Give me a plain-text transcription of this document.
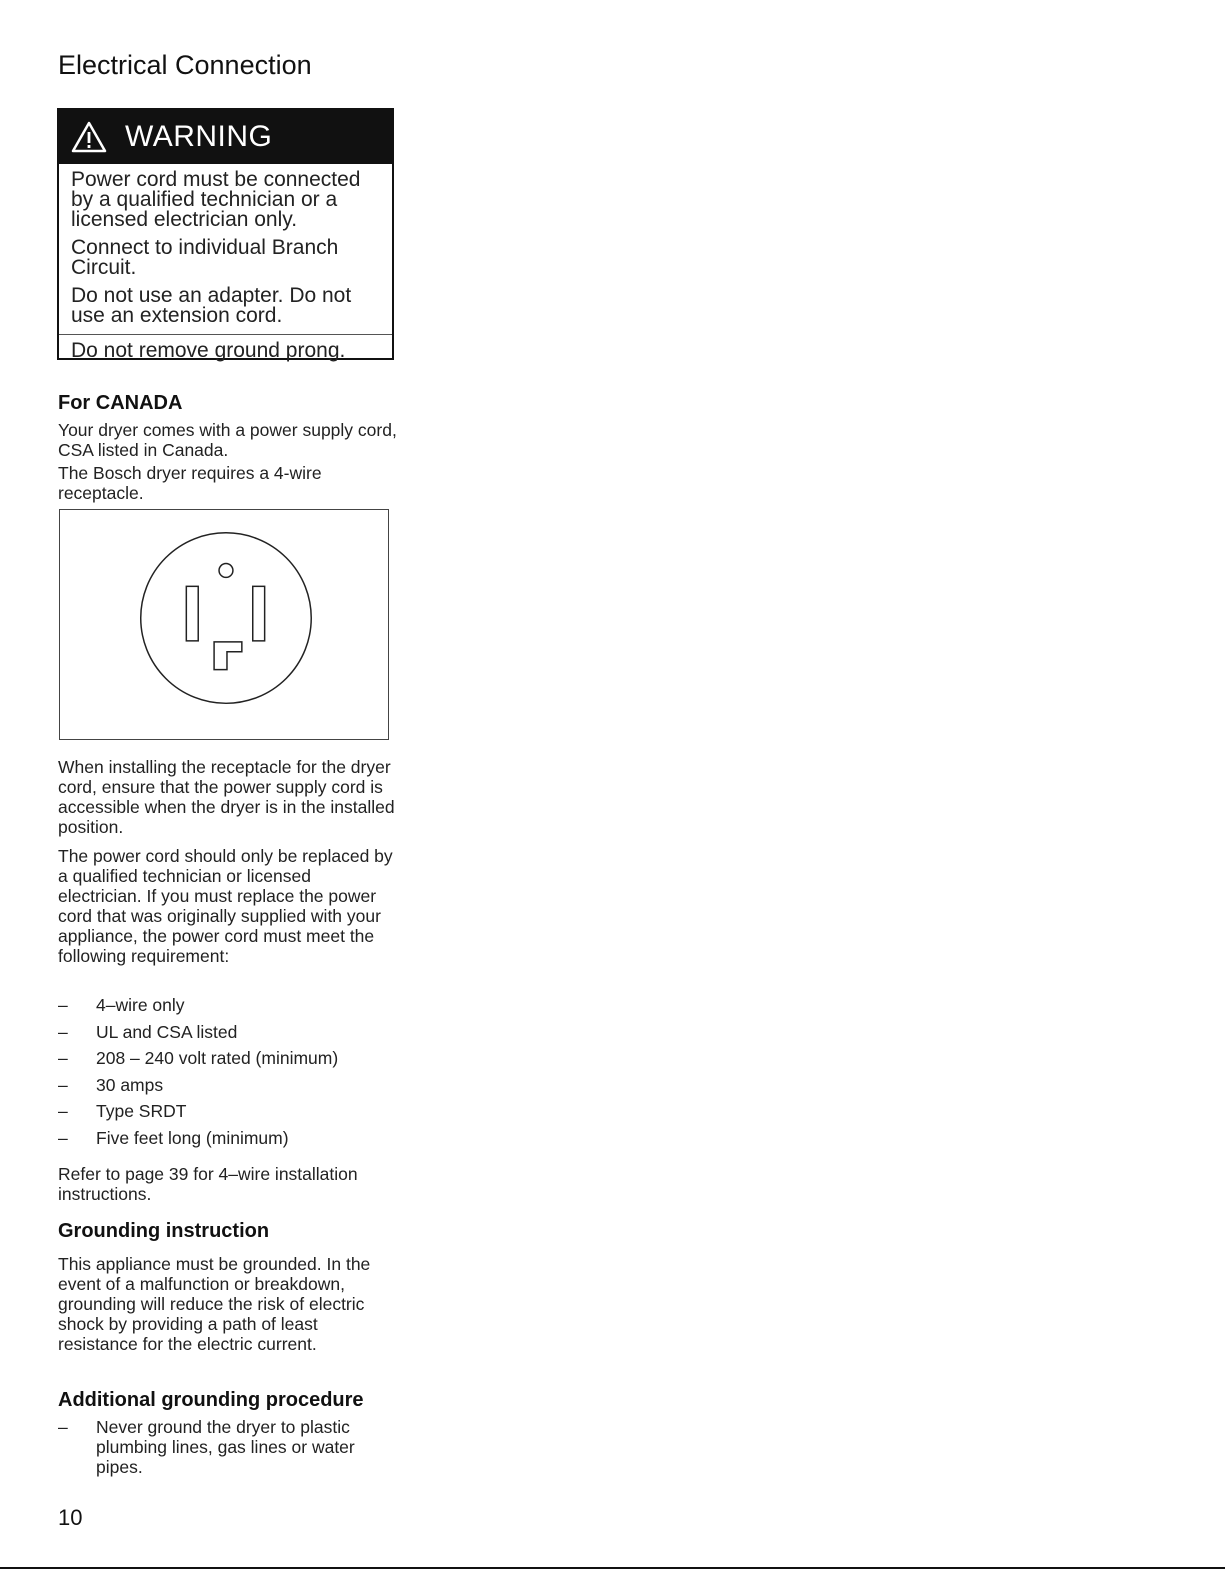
Electrical Connection
WARNING

Power cord must be connected by a qualified technician or a licensed electrician only.

Connect to individual Branch Circuit.

Do not use an adapter. Do not use an extension cord.

Do not remove ground prong.

For CANADA

Your dryer comes with a power supply cord, CSA listed in Canada.

The Bosch dryer requires a 4-wire receptacle.

When installing the receptacle for the dryer cord, ensure that the power supply cord is accessible when the dryer is in the installed position.

The power cord should only be replaced by a qualified technician or licensed electrician. If you must replace the power cord that was originally supplied with your appliance, the power cord must meet the following requirement:

–	4–wire only
–	UL and CSA listed
–	208 – 240 volt rated (minimum)
–	30 amps
–	Type SRDT
–	Five feet long (minimum)

Refer to page 39 for 4–wire installation instructions.

Grounding instruction

This appliance must be grounded. In the event of a malfunction or breakdown, grounding will reduce the risk of electric shock by providing a path of least resistance for the electric current.

Additional grounding procedure
–	Never ground the dryer to plastic plumbing lines, gas lines or water pipes.

10
